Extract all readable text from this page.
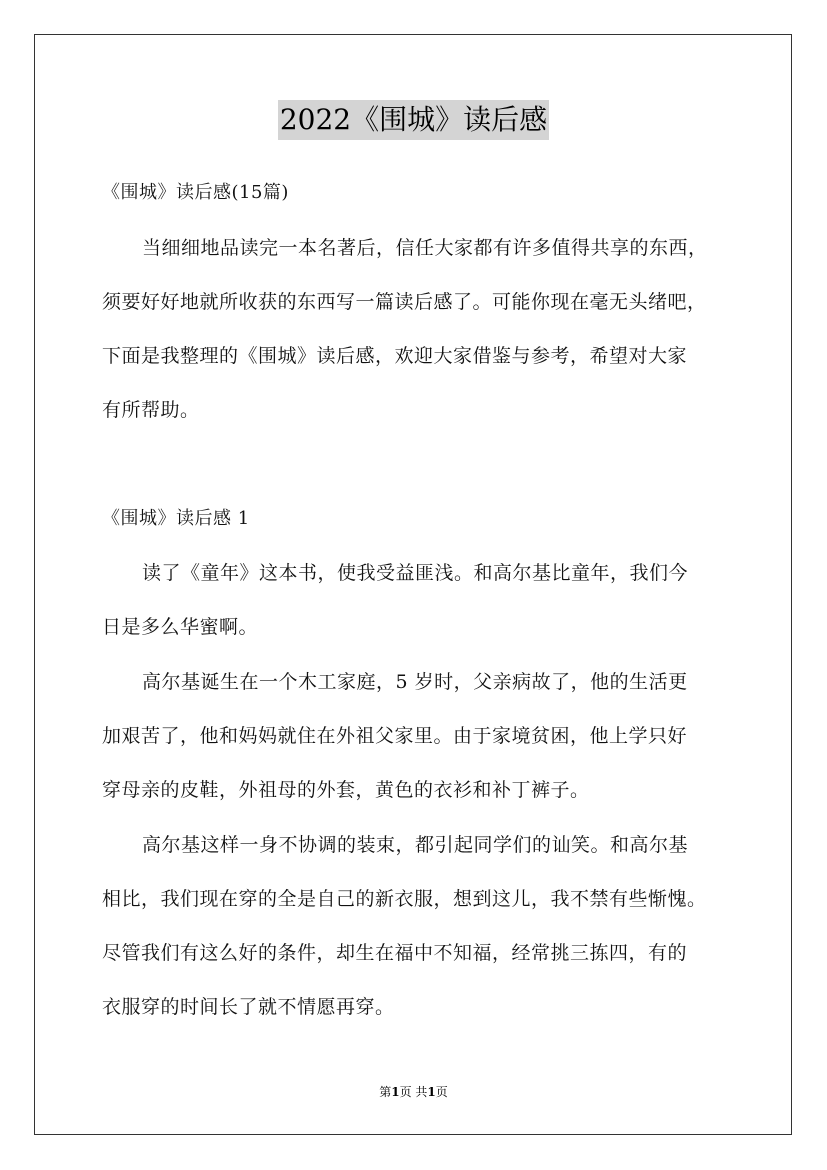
2022《围城》读后感

《围城》读后感(15篇)

当细细地品读完一本名著后，信任大家都有许多值得共享的东西，
须要好好地就所收获的东西写一篇读后感了。可能你现在毫无头绪吧，
下面是我整理的《围城》读后感，欢迎大家借鉴与参考，希望对大家
有所帮助。

《围城》读后感 1

读了《童年》这本书，使我受益匪浅。和高尔基比童年，我们今
日是多么华蜜啊。
高尔基诞生在一个木工家庭，5 岁时，父亲病故了，他的生活更
加艰苦了，他和妈妈就住在外祖父家里。由于家境贫困，他上学只好
穿母亲的皮鞋，外祖母的外套，黄色的衣衫和补丁裤子。
高尔基这样一身不协调的装束，都引起同学们的讪笑。和高尔基
相比，我们现在穿的全是自己的新衣服，想到这儿，我不禁有些惭愧。
尽管我们有这么好的条件，却生在福中不知福，经常挑三拣四，有的
衣服穿的时间长了就不情愿再穿。
第1页 共1页
